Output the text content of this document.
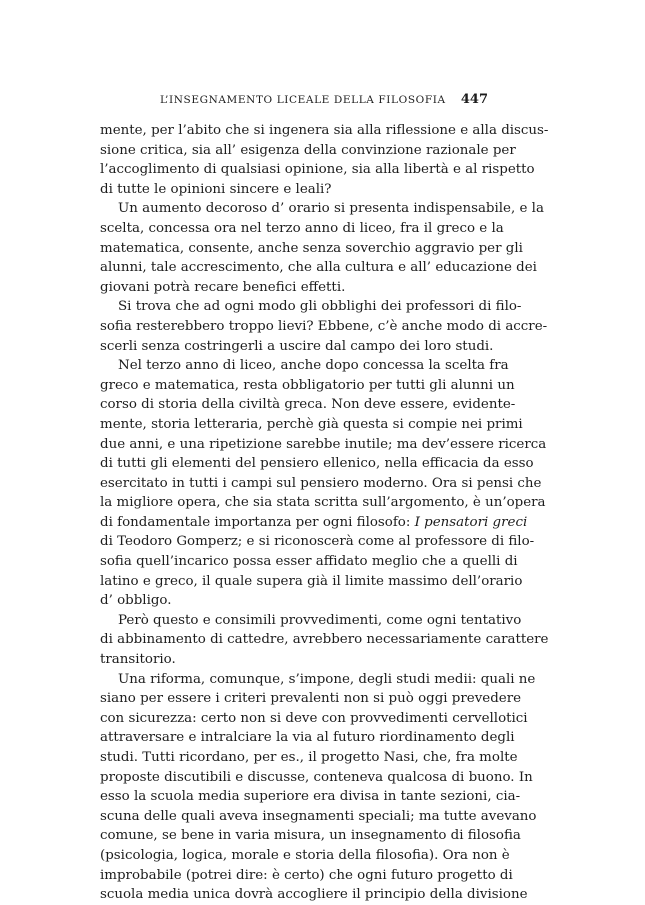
L’INSEGNAMENTO LICEALE DELLA FILOSOFIA 447
mente, per l’abito che si ingenera sia alla riflessione e alla discus-
sione critica, sia all’ esigenza della convinzione razionale per
l’accoglimento di qualsiasi opinione, sia alla libertà e al rispetto
di tutte le opinioni sincere e leali?
Un aumento decoroso d’ orario si presenta indispensabile, e la
scelta, concessa ora nel terzo anno di liceo, fra il greco e la
matematica, consente, anche senza soverchio aggravio per gli
alunni, tale accrescimento, che alla cultura e all’ educazione dei
giovani potrà recare benefici effetti.
Si trova che ad ogni modo gli obblighi dei professori di filo-
sofia resterebbero troppo lievi? Ebbene, c’è anche modo di accre-
scerli senza costringerli a uscire dal campo dei loro studi.
Nel terzo anno di liceo, anche dopo concessa la scelta fra
greco e matematica, resta obbligatorio per tutti gli alunni un
corso di storia della civiltà greca. Non deve essere, evidente-
mente, storia letteraria, perchè già questa si compie nei primi
due anni, e una ripetizione sarebbe inutile; ma dev’essere ricerca
di tutti gli elementi del pensiero ellenico, nella efficacia da esso
esercitato in tutti i campi sul pensiero moderno. Ora si pensi che
la migliore opera, che sia stata scritta sull’argomento, è un’opera
di fondamentale importanza per ogni filosofo: I pensatori greci
di Teodoro Gomperz; e si riconoscerà come al professore di filo-
sofia quell’incarico possa esser affidato meglio che a quelli di
latino e greco, il quale supera già il limite massimo dell’orario
d’ obbligo.
Però questo e consimili provvedimenti, come ogni tentativo
di abbinamento di cattedre, avrebbero necessariamente carattere
transitorio.
Una riforma, comunque, s’impone, degli studi medii: quali ne
siano per essere i criteri prevalenti non si può oggi prevedere
con sicurezza: certo non si deve con provvedimenti cervellotici
attraversare e intralciare la via al futuro riordinamento degli
studi. Tutti ricordano, per es., il progetto Nasi, che, fra molte
proposte discutibili e discusse, conteneva qualcosa di buono. In
esso la scuola media superiore era divisa in tante sezioni, cia-
scuna delle quali aveva insegnamenti speciali; ma tutte avevano
comune, se bene in varia misura, un insegnamento di filosofia
(psicologia, logica, morale e storia della filosofia). Ora non è
improbabile (potrei dire: è certo) che ogni futuro progetto di
scuola media unica dovrà accogliere il principio della divisione
